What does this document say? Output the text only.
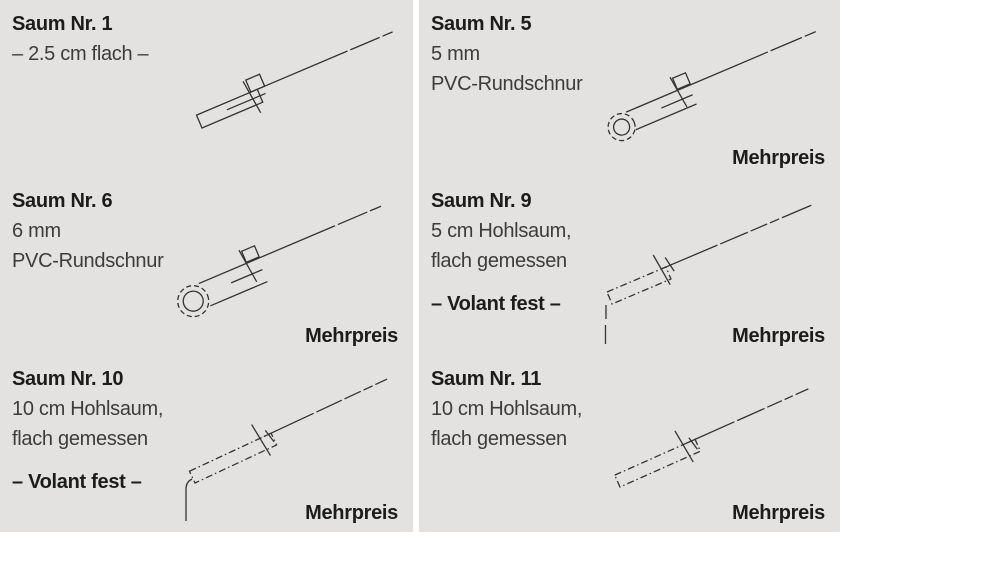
Saum Nr. 1
– 2.5 cm flach –
Saum Nr. 5
5 mm
PVC-Rundschnur
Mehrpreis
Saum Nr. 6
6 mm
PVC-Rundschnur
Mehrpreis
Saum Nr. 9
5 cm Hohlsaum,
flach gemessen
– Volant fest –
Mehrpreis
Saum Nr. 10
10 cm Hohlsaum,
flach gemessen
– Volant fest –
Mehrpreis
Saum Nr. 11
10 cm Hohlsaum,
flach gemessen
Mehrpreis
